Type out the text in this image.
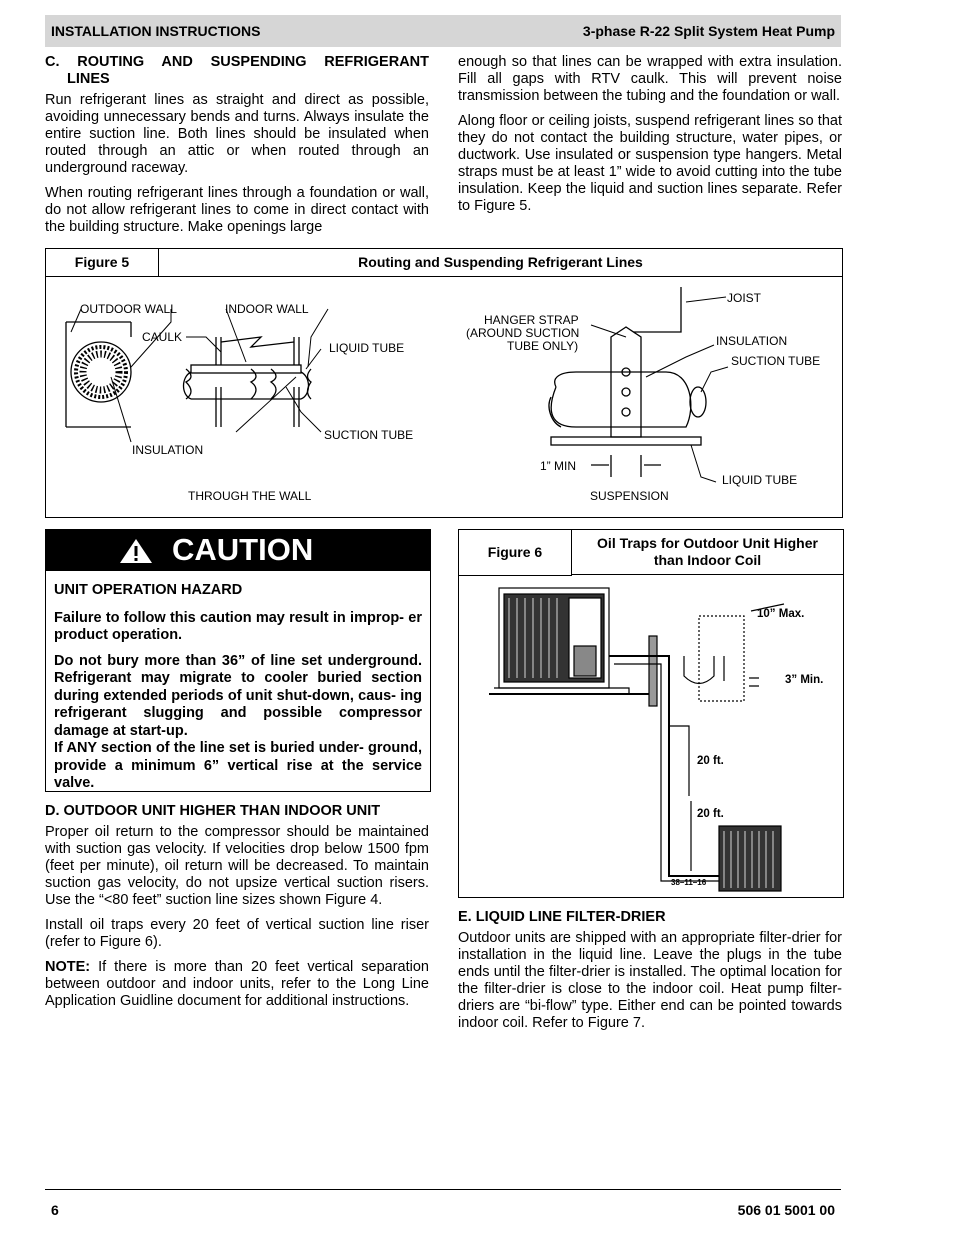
INSTALLATION INSTRUCTIONS	3-phase R-22 Split System Heat Pump
C. ROUTING AND SUSPENDING REFRIGERANT
LINES

Run refrigerant lines as straight and direct as possible, avoiding unnecessary bends and turns. Always insulate the entire suction line. Both lines should be insulated when routed through an attic or when routed through an underground raceway.

When routing refrigerant lines through a foundation or wall, do not allow refrigerant lines to come in direct contact with the building structure. Make openings large

enough so that lines can be wrapped with extra insulation. Fill all gaps with RTV caulk. This will prevent noise transmission between the tubing and the foundation or wall.

Along floor or ceiling joists, suspend refrigerant lines so that they do not contact the building structure, water pipes, or ductwork. Use insulated or suspension type hangers. Metal straps must be at least 1” wide to avoid cutting into the tube insulation. Keep the liquid and suction lines separate. Refer to Figure 5.

Figure 5	Routing and Suspending Refrigerant Lines
OUTDOOR WALL	INDOOR WALL
CAULK
LIQUID TUBE
INSULATION
SUCTION TUBE
THROUGH THE WALL
HANGER STRAP
(AROUND SUCTION
TUBE ONLY)
JOIST
INSULATION
SUCTION TUBE
1” MIN
LIQUID TUBE
SUSPENSION
CAUTION

UNIT OPERATION HAZARD

Failure to follow this caution may result in improp- er product operation.

Do not bury more than 36” of line set underground. Refrigerant may migrate to cooler buried section during extended periods of unit shut-down, caus- ing refrigerant slugging and possible compressor damage at start-up.

If ANY section of the line set is buried under- ground, provide a minimum 6” vertical rise at the service valve.

D. OUTDOOR UNIT HIGHER THAN INDOOR UNIT

Proper oil return to the compressor should be maintained with suction gas velocity. If velocities drop below 1500 fpm (feet per minute), oil return will be decreased. To maintain suction gas velocity, do not upsize vertical suction risers. Use the “<80 feet” suction line sizes shown Figure 4.

Install oil traps every 20 feet of vertical suction line riser (refer to Figure 6).

NOTE: If there is more than 20 feet vertical separation between outdoor and indoor units, refer to the Long Line Application Guidline document for additional instructions.

Figure 6
Oil Traps for Outdoor Unit Higher
than Indoor Coil
10” Max.
3” Min.
20 ft.
20 ft.
38–11–16
E. LIQUID LINE FILTER-DRIER

Outdoor units are shipped with an appropriate filter-drier for installation in the liquid line. Leave the plugs in the tube ends until the filter-drier is installed. The optimal location for the filter-drier is close to the indoor coil. Heat pump filter-driers are “bi-flow” type. Either end can be pointed towards indoor coil. Refer to Figure 7.

6	506 01 5001 00
